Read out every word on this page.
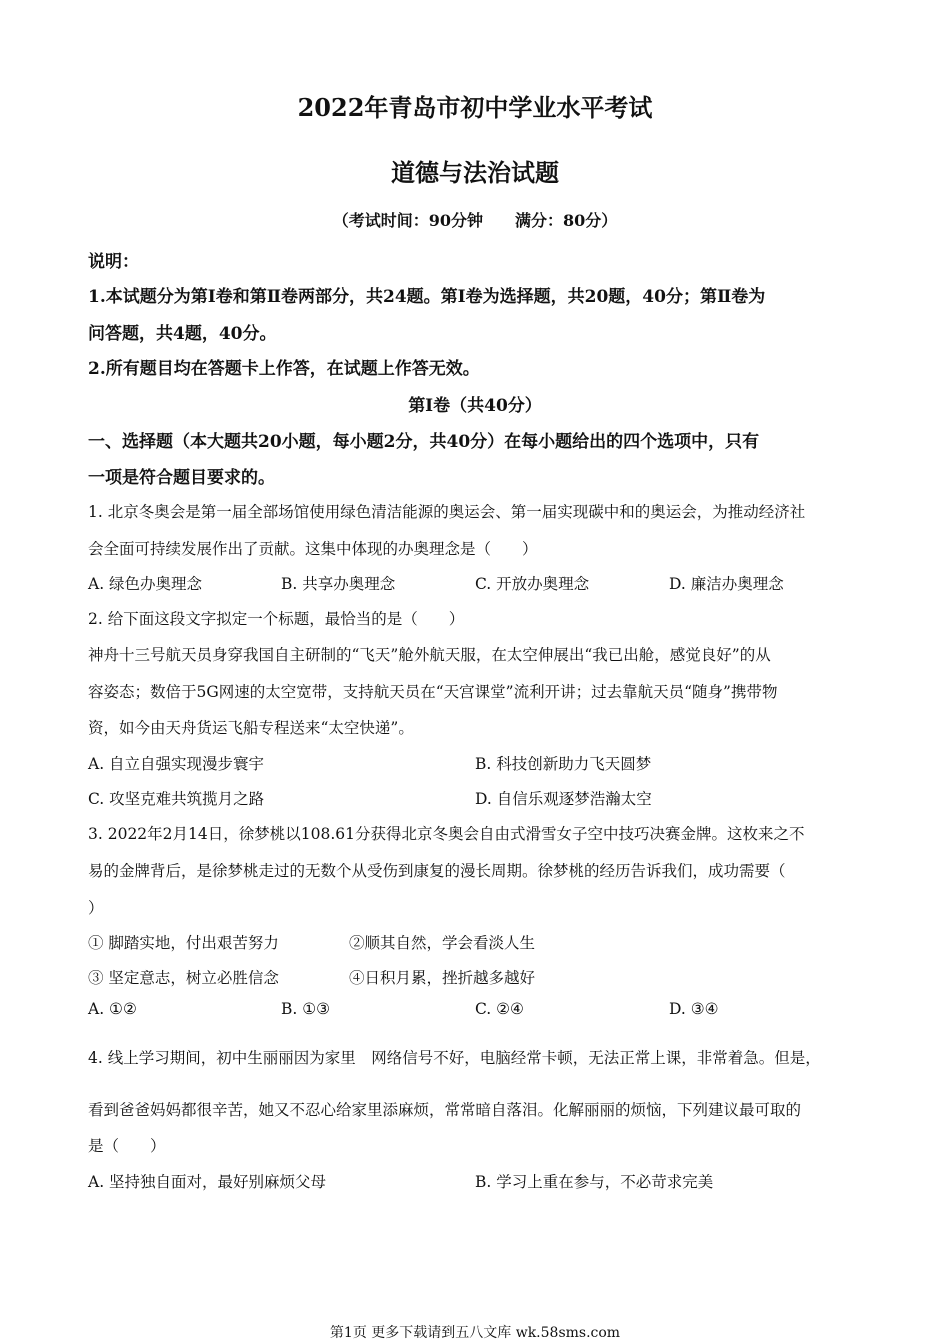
2022年青岛市初中学业水平考试
道德与法治试题
（考试时间：90分钟 满分：80分）
说明：
1.本试题分为第Ⅰ卷和第Ⅱ卷两部分，共24题。第Ⅰ卷为选择题，共20题，40分；第Ⅱ卷为
问答题，共4题，40分。
2.所有题目均在答题卡上作答，在试题上作答无效。
第Ⅰ卷（共40分）
一、选择题（本大题共20小题，每小题2分，共40分）在每小题给出的四个选项中，只有
一项是符合题目要求的。
1. 北京冬奥会是第一届全部场馆使用绿色清洁能源的奥运会、第一届实现碳中和的奥运会，为推动经济社
会全面可持续发展作出了贡献。这集中体现的办奥理念是（　　）
A. 绿色办奥理念	B. 共享办奥理念	C. 开放办奥理念	D. 廉洁办奥理念
2. 给下面这段文字拟定一个标题，最恰当的是（　　）
神舟十三号航天员身穿我国自主研制的“飞天”舱外航天服，在太空伸展出“我已出舱，感觉良好”的从
容姿态；数倍于5G网速的太空宽带，支持航天员在“天宫课堂”流利开讲；过去靠航天员“随身”携带物
资，如今由天舟货运飞船专程送来“太空快递”。
A. 自立自强实现漫步寰宇	B. 科技创新助力飞天圆梦
C. 攻坚克难共筑揽月之路	D. 自信乐观逐梦浩瀚太空
3. 2022年2月14日，徐梦桃以108.61分获得北京冬奥会自由式滑雪女子空中技巧决赛金牌。这枚来之不
易的金牌背后，是徐梦桃走过的无数个从受伤到康复的漫长周期。徐梦桃的经历告诉我们，成功需要（
）
① 脚踏实地，付出艰苦努力	②顺其自然，学会看淡人生
③ 坚定意志，树立必胜信念	④日积月累，挫折越多越好
A. ①②	B. ①③	C. ②④	D. ③④
4. 线上学习期间，初中生丽丽因为家里　网络信号不好，电脑经常卡顿，无法正常上课，非常着急。但是，
看到爸爸妈妈都很辛苦，她又不忍心给家里添麻烦，常常暗自落泪。化解丽丽的烦恼，下列建议最可取的
是（　　）
A. 坚持独自面对，最好别麻烦父母	B. 学习上重在参与，不必苛求完美
第1页 更多下载请到五八文库 wk.58sms.com
